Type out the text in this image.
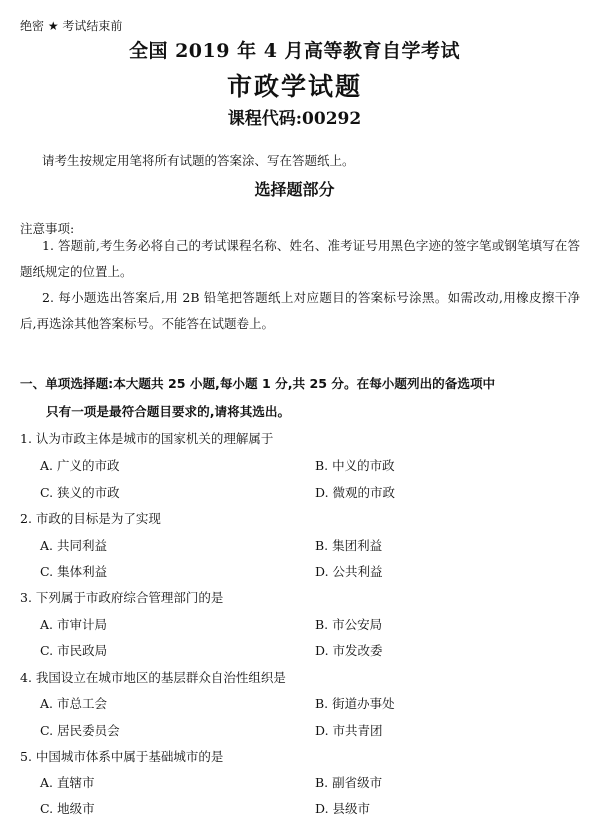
绝密 ★ 考试结束前
全国 2019 年 4 月高等教育自学考试
市政学试题
课程代码:00292
请考生按规定用笔将所有试题的答案涂、写在答题纸上。
选择题部分
注意事项:
1. 答题前,考生务必将自己的考试课程名称、姓名、准考证号用黑色字迹的签字笔或钢笔填写在答题纸规定的位置上。
2. 每小题选出答案后,用 2B 铅笔把答题纸上对应题目的答案标号涂黑。如需改动,用橡皮擦干净后,再选涂其他答案标号。不能答在试题卷上。
一、单项选择题:本大题共 25 小题,每小题 1 分,共 25 分。在每小题列出的备选项中
只有一项是最符合题目要求的,请将其选出。
1. 认为市政主体是城市的国家机关的理解属于
A. 广义的市政	B. 中义的市政
C. 狭义的市政	D. 微观的市政
2. 市政的目标是为了实现
A. 共同利益	B. 集团利益
C. 集体利益	D. 公共利益
3. 下列属于市政府综合管理部门的是
A. 市审计局	B. 市公安局
C. 市民政局	D. 市发改委
4. 我国设立在城市地区的基层群众自治性组织是
A. 市总工会	B. 街道办事处
C. 居民委员会	D. 市共青团
5. 中国城市体系中属于基础城市的是
A. 直辖市	B. 副省级市
C. 地级市	D. 县级市
